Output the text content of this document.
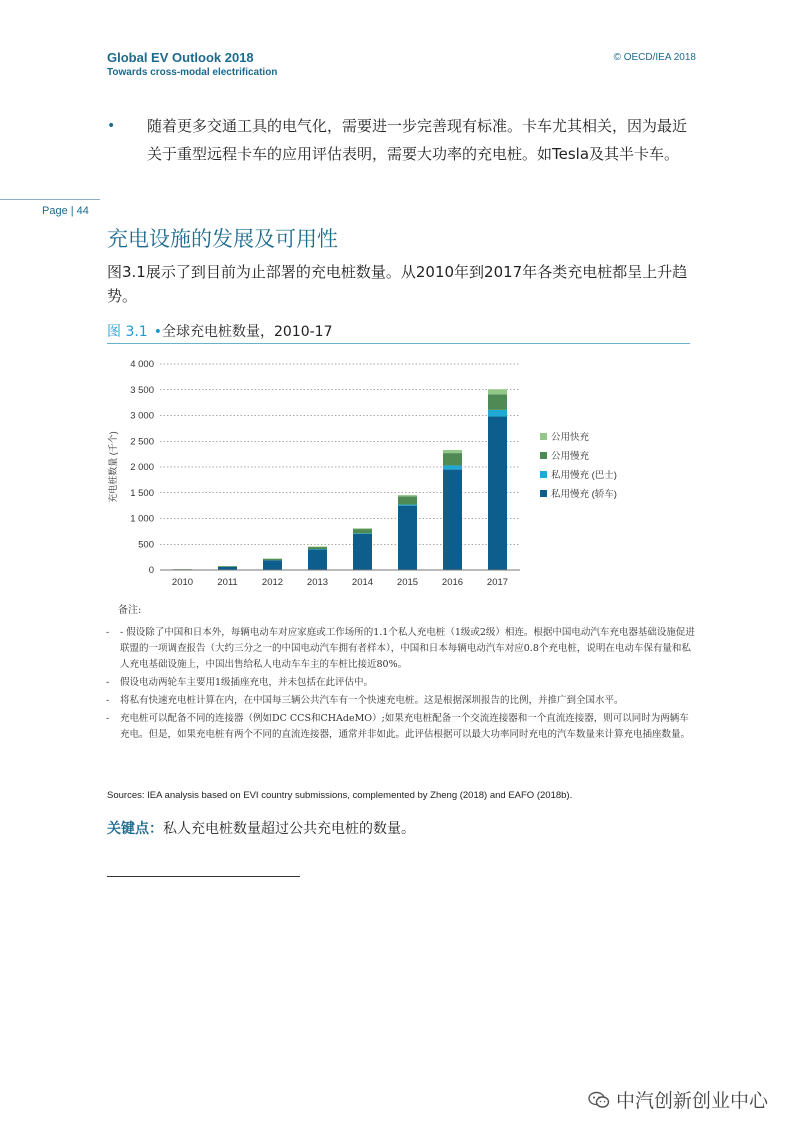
Global EV Outlook 2018
Towards cross-modal electrification
© OECD/IEA 2018
• 随着更多交通工具的电气化，需要进一步完善现有标准。卡车尤其相关，因为最近关于重型远程卡车的应用评估表明，需要大功率的充电桩。如Tesla及其半卡车。
Page | 44
充电设施的发展及可用性
图3.1展示了到目前为止部署的充电桩数量。从2010年到2017年各类充电桩都呈上升趋势。
图 3.1 •全球充电桩数量，2010-17
0
500
1 000
1 500
2 000
2 500
3 000
3 500
4 000
2010	2011	2012	2013	2014	2015	2016	2017
公用快充
公用慢充
私用慢充 (巴士)
私用慢充 (轿车)
充电桩数量 (千个)
备注:
-	- 假设除了中国和日本外，每辆电动车对应家庭或工作场所的1.1个私人充电桩（1级或2级）相连。根据中国电动汽车充电器基础设施促进联盟的一项调查报告（大约三分之一的中国电动汽车拥有者样本），中国和日本每辆电动汽车对应0.8个充电桩，说明在电动车保有量和私人充电基础设施上，中国出售给私人电动车车主的车桩比接近80%。
-	假设电动两轮车主要用1级插座充电，并未包括在此评估中。
-	将私有快速充电桩计算在内，在中国每三辆公共汽车有一个快速充电桩。这是根据深圳报告的比例，并推广到全国水平。
-	充电桩可以配备不同的连接器（例如DC CCS和CHAdeMO）;如果充电桩配备一个交流连接器和一个直流连接器，则可以同时为两辆车充电。但是，如果充电桩有两个不同的直流连接器，通常并非如此。此评估根据可以最大功率同时充电的汽车数量来计算充电插座数量。
Sources: IEA analysis based on EVI country submissions, complemented by Zheng (2018) and EAFO (2018b).
关键点：私人充电桩数量超过公共充电桩的数量。
中汽创新创业中心
